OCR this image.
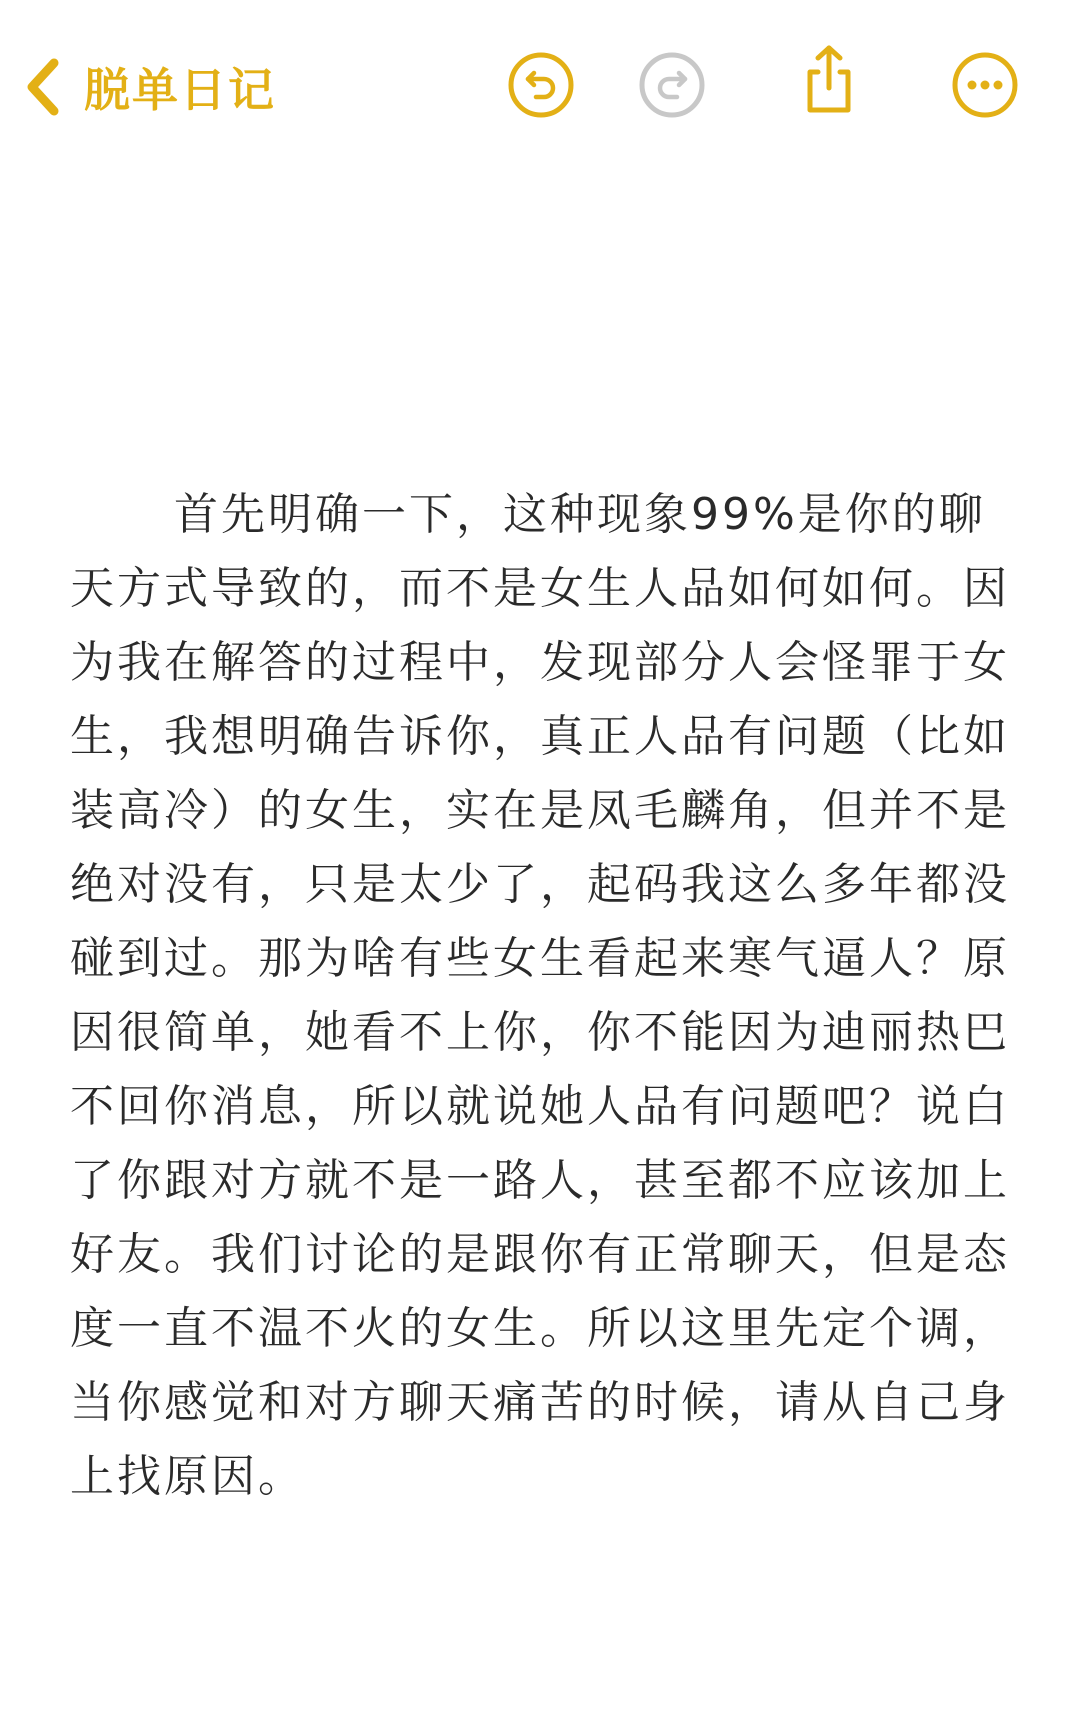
脱单日记

首先明确一下，这种现象99%是你的聊天方式导致的，而不是女生人品如何如何。因为我在解答的过程中，发现部分人会怪罪于女生，我想明确告诉你，真正人品有问题（比如装高冷）的女生，实在是凤毛麟角，但并不是绝对没有，只是太少了，起码我这么多年都没碰到过。那为啥有些女生看起来寒气逼人？原因很简单，她看不上你，你不能因为迪丽热巴不回你消息，所以就说她人品有问题吧？说白了你跟对方就不是一路人，甚至都不应该加上好友。我们讨论的是跟你有正常聊天，但是态度一直不温不火的女生。所以这里先定个调，当你感觉和对方聊天痛苦的时候，请从自己身上找原因。
